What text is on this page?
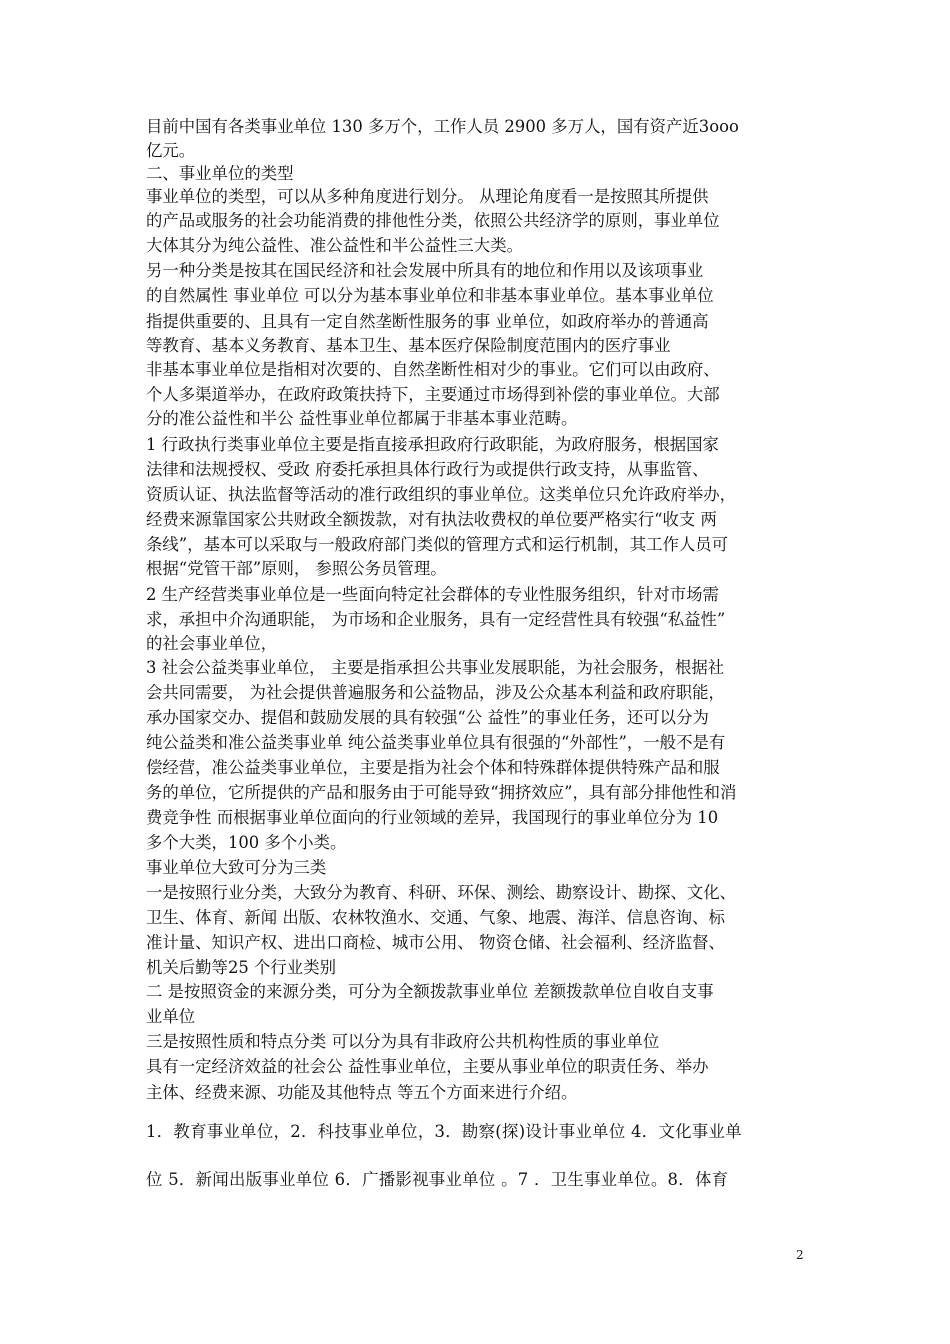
目前中国有各类事业单位 130 多万个，工作人员 2900 多万人，国有资产近3ooo
亿元。
二、事业单位的类型
事业单位的类型，可以从多种角度进行划分。 从理论角度看一是按照其所提供
的产品或服务的社会功能消费的排他性分类，依照公共经济学的原则，事业单位
大体其分为纯公益性、准公益性和半公益性三大类。
另一种分类是按其在国民经济和社会发展中所具有的地位和作用以及该项事业
的自然属性 事业单位 可以分为基本事业单位和非基本事业单位。基本事业单位
指提供重要的、且具有一定自然垄断性服务的事 业单位，如政府举办的普通高
等教育、基本义务教育、基本卫生、基本医疗保险制度范围内的医疗事业
非基本事业单位是指相对次要的、自然垄断性相对少的事业。它们可以由政府、
个人多渠道举办，在政府政策扶持下，主要通过市场得到补偿的事业单位。大部
分的准公益性和半公 益性事业单位都属于非基本事业范畴。
1 行政执行类事业单位主要是指直接承担政府行政职能，为政府服务，根据国家
法律和法规授权、受政 府委托承担具体行政行为或提供行政支持，从事监管、
资质认证、执法监督等活动的准行政组织的事业单位。这类单位只允许政府举办，
经费来源靠国家公共财政全额拨款，对有执法收费权的单位要严格实行“收支 两
条线”，基本可以采取与一般政府部门类似的管理方式和运行机制，其工作人员可
根据“党管干部”原则， 参照公务员管理。
2 生产经营类事业单位是一些面向特定社会群体的专业性服务组织，针对市场需
求，承担中介沟通职能， 为市场和企业服务，具有一定经营性具有较强“私益性”
的社会事业单位，
3 社会公益类事业单位， 主要是指承担公共事业发展职能，为社会服务，根据社
会共同需要， 为社会提供普遍服务和公益物品，涉及公众基本利益和政府职能，
承办国家交办、提倡和鼓励发展的具有较强“公 益性”的事业任务，还可以分为
纯公益类和准公益类事业单 纯公益类事业单位具有很强的“外部性”，一般不是有
偿经营，准公益类事业单位，主要是指为社会个体和特殊群体提供特殊产品和服
务的单位，它所提供的产品和服务由于可能导致“拥挤效应”，具有部分排他性和消
费竞争性 而根据事业单位面向的行业领域的差异，我国现行的事业单位分为 10
多个大类，100 多个小类。
事业单位大致可分为三类
一是按照行业分类，大致分为教育、科研、环保、测绘、勘察设计、勘探、文化、
卫生、体育、新闻 出版、农林牧渔水、交通、气象、地震、海洋、信息咨询、标
准计量、知识产权、进出口商检、城市公用、 物资仓储、社会福利、经济监督、
机关后勤等25 个行业类别
二 是按照资金的来源分类，可分为全额拨款事业单位 差额拨款单位自收自支事
业单位
三是按照性质和特点分类 可以分为具有非政府公共机构性质的事业单位
具有一定经济效益的社会公 益性事业单位，主要从事业单位的职责任务、举办
主体、经费来源、功能及其他特点 等五个方面来进行介绍。
1．教育事业单位，2．科技事业单位，3．勘察(探)设计事业单位 4．文化事业单
位 5．新闻出版事业单位 6．广播影视事业单位 。7 ．卫生事业单位。8．体育
2
